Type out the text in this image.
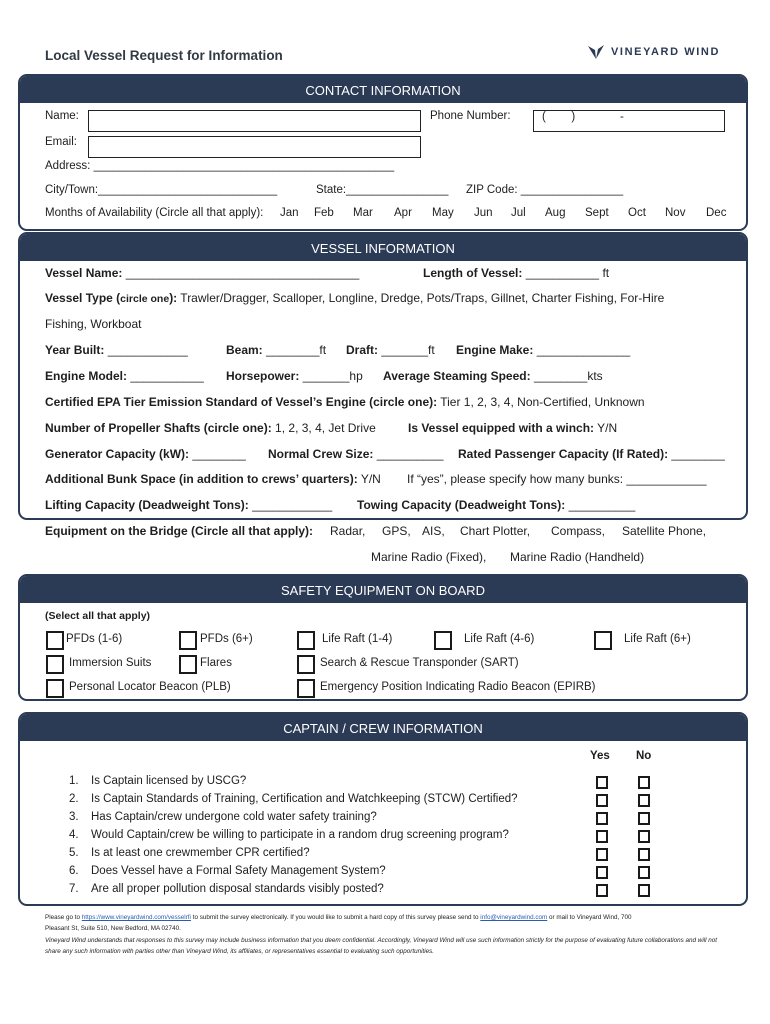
Local Vessel Request for Information	VINEYARD WIND
CONTACT INFORMATION
Name:	Phone Number:	(        )              -
Email:
Address: _______________________________________________
City/Town:____________________________	State:________________ ZIP Code: ________________
Months of Availability (Circle all that apply): Jan Feb Mar Apr May Jun Jul Aug Sept Oct Nov Dec
VESSEL INFORMATION
Vessel Name: ___________________________________	Length of Vessel: ___________ ft
Vessel Type (circle one): Trawler/Dragger, Scalloper, Longline, Dredge, Pots/Traps, Gillnet, Charter Fishing, For-Hire
Fishing, Workboat
Year Built: ____________	Beam: ________ft Draft: _______ft Engine Make: ______________
Engine Model: ___________ Horsepower: _______hp Average Steaming Speed: ________kts
Certified EPA Tier Emission Standard of Vessel’s Engine (circle one): Tier 1, 2, 3, 4, Non-Certified, Unknown
Number of Propeller Shafts (circle one): 1, 2, 3, 4, Jet Drive	Is Vessel equipped with a winch: Y/N
Generator Capacity (kW): ________ Normal Crew Size: __________ Rated Passenger Capacity (If Rated): ________
Additional Bunk Space (in addition to crews’ quarters): Y/N If “yes”, please specify how many bunks: ____________
Lifting Capacity (Deadweight Tons): ____________ Towing Capacity (Deadweight Tons): __________
Equipment on the Bridge (Circle all that apply): Radar, GPS, AIS, Chart Plotter, Compass, Satellite Phone,
Marine Radio (Fixed), Marine Radio (Handheld)
SAFETY EQUIPMENT ON BOARD
(Select all that apply)
PFDs (1-6)	PFDs (6+)	Life Raft (1-4)	Life Raft (4-6)	Life Raft (6+)
Immersion Suits	Flares	Search & Rescue Transponder (SART)
Personal Locator Beacon (PLB)	Emergency Position Indicating Radio Beacon (EPIRB)
CAPTAIN / CREW INFORMATION
Yes No
1. Is Captain licensed by USCG?
2. Is Captain Standards of Training, Certification and Watchkeeping (STCW) Certified?
3. Has Captain/crew undergone cold water safety training?
4. Would Captain/crew be willing to participate in a random drug screening program?
5. Is at least one crewmember CPR certified?
6. Does Vessel have a Formal Safety Management System?
7. Are all proper pollution disposal standards visibly posted?
Please go to https://www.vineyardwind.com/vesselrfi to submit the survey electronically. If you would like to submit a hard copy of this survey please send to info@vineyardwind.com or mail to Vineyard Wind, 700
Pleasant St, Suite 510, New Bedford, MA 02740.
Vineyard Wind understands that responses to this survey may include business information that you deem confidential. Accordingly, Vineyard Wind will use such information strictly for the purpose of evaluating future collaborations and will not share any such information with parties other than Vineyard Wind, its affiliates, or representatives essential to evaluating such opportunities.
